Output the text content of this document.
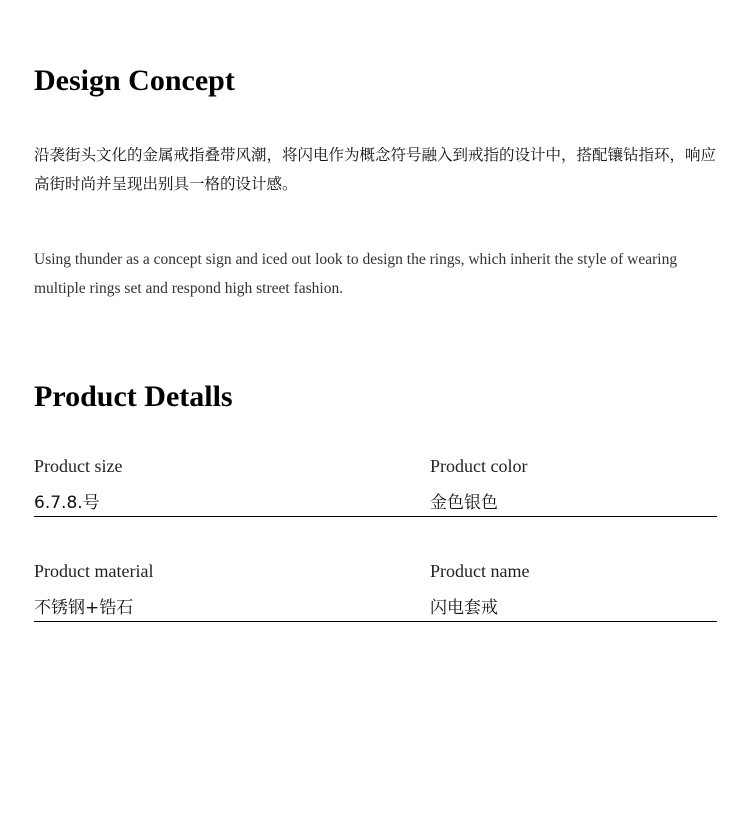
Design Concept

沿袭街头文化的金属戒指叠带风潮，将闪电作为概念符号融入到戒指的设计中，搭配镶钻指环，响应高街时尚并呈现出别具一格的设计感。

Using thunder as a concept sign and iced out look to design the rings, which inherit the style of wearing multiple rings set and respond high street fashion.

Product Detalls
Product size
6.7.8.号
Product color
金色银色
Product material
不锈钢+锆石
Product name
闪电套戒
